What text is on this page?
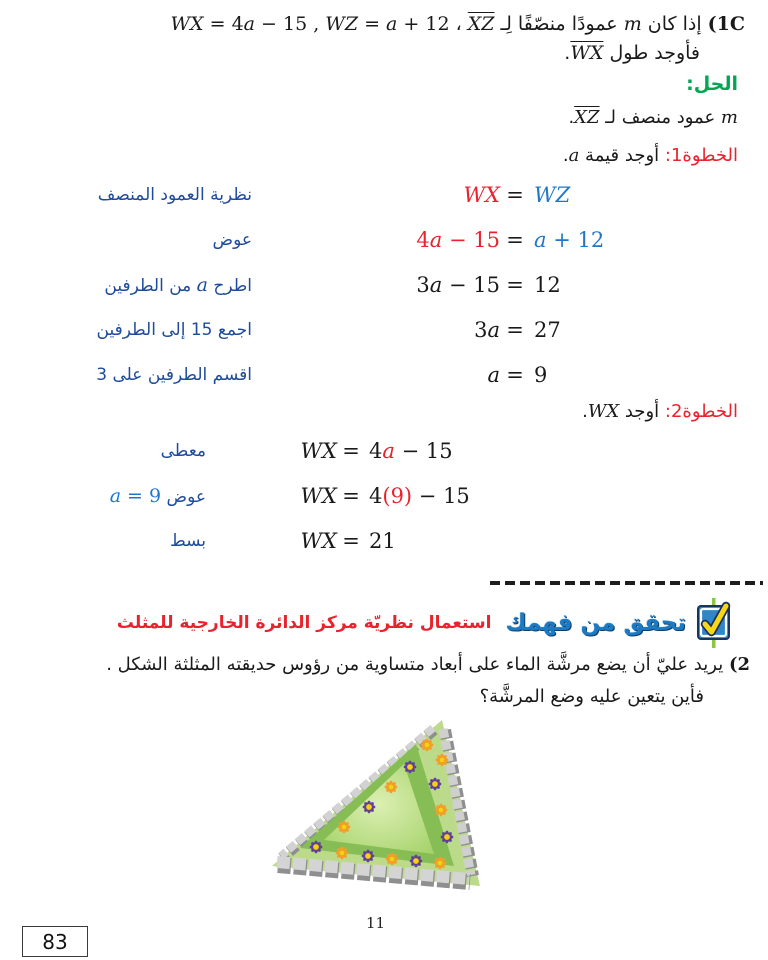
(1C إذا كان m عمودًا منصّفًا لِـ $\overline{XZ}$ ، WX = 4a − 15 , WZ = a + 12
فأوجد طول $\overline{WX}$.
الحل:
m عمود منصف لـ $\overline{XZ}$.
الخطوة1: أوجد قيمة a.
نظرية العمود المنصف	WX = WZ
عوض	4a − 15 = a + 12
اطرح a من الطرفين	3a − 15 = 12
اجمع 15 إلى الطرفين	3a = 27
اقسم الطرفين على 3	a = 9
الخطوة2: أوجد WX.
معطى	WX = 4a − 15
عوض a = 9	WX = 4(9) − 15
بسط	WX = 21
تحقق من فهمك
استعمال نظريّة مركز الدائرة الخارجية للمثلث
(2 يريد عليّ أن يضع مرشَّة الماء على أبعاد متساوية من رؤوس حديقته المثلثة الشكل .
فأين يتعين عليه وضع المرشَّة؟
11
83
